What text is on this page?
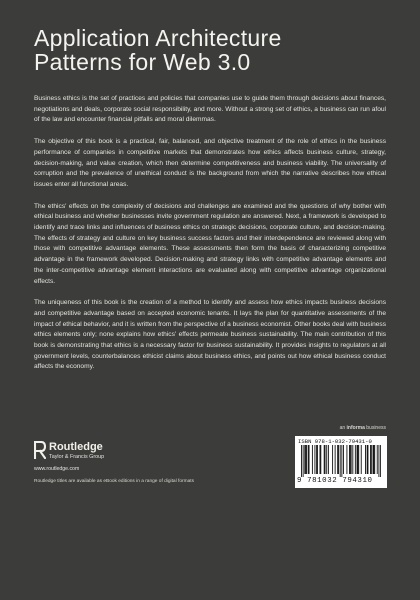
Application Architecture
Patterns for Web 3.0

Business ethics is the set of practices and policies that companies use to guide them through decisions about finances, negotiations and deals, corporate social responsibility, and more. Without a strong set of ethics, a business can run afoul of the law and encounter financial pitfalls and moral dilemmas.

The objective of this book is a practical, fair, balanced, and objective treatment of the role of ethics in the business performance of companies in competitive markets that demonstrates how ethics affects business culture, strategy, decision-making, and value creation, which then determine competitiveness and business viability. The universality of corruption and the prevalence of unethical conduct is the background from which the narrative describes how ethical issues enter all functional areas.

The ethics' effects on the complexity of decisions and challenges are examined and the questions of why bother with ethical business and whether businesses invite government regulation are answered. Next, a framework is developed to identify and trace links and influences of business ethics on strategic decisions, corporate culture, and decision-making. The effects of strategy and culture on key business success factors and their interdependence are reviewed along with those with competitive advantage elements. These assessments then form the basis of characterizing competitive advantage in the framework developed. Decision-making and strategy links with competitive advantage elements and the inter-competitive advantage element interactions are evaluated along with competitive advantage organizational effects.

The uniqueness of this book is the creation of a method to identify and assess how ethics impacts business decisions and competitive advantage based on accepted economic tenants. It lays the plan for quantitative assessments of the impact of ethical behavior, and it is written from the perspective of a business economist. Other books deal with business ethics elements only; none explains how ethics' effects permeate business sustainability. The main contribution of this book is demonstrating that ethics is a necessary factor for business sustainability. It provides insights to regulators at all government levels, counterbalances ethicist claims about business ethics, and points out how ethical business conduct affects the economy.

an informa business
Routledge
Taylor & Francis Group
www.routledge.com
Routledge titles are available as eBook editions in a range of digital formats
ISBN 978-1-032-79431-0
9 781032 794310
